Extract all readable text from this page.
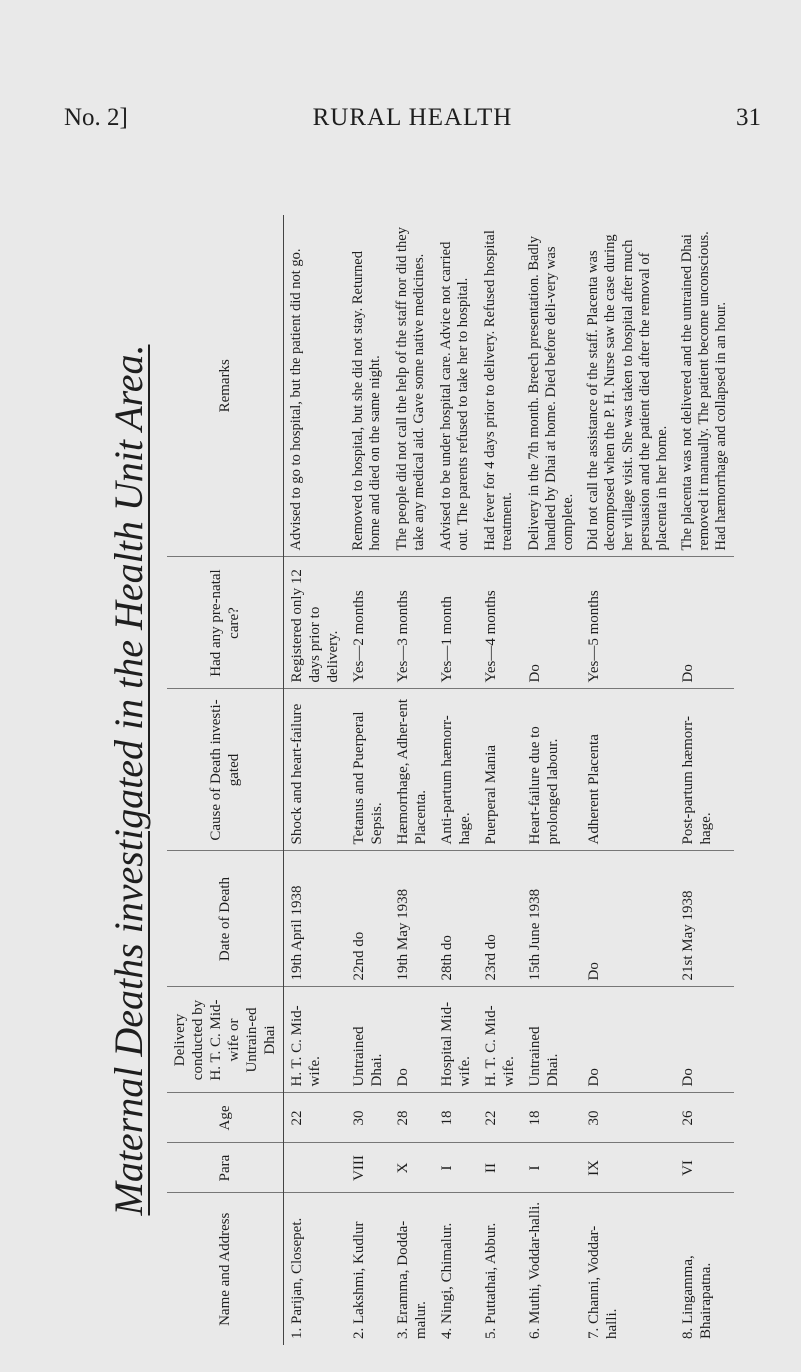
No. 2]	RURAL HEALTH	31
Maternal Deaths investigated in the Health Unit Area.
Name and Address	Para	Age	Delivery conducted by H. T. C. Mid-wife or Untrain-ed Dhai	Date of Death	Cause of Death investi-gated	Had any pre-natal care?	Remarks
1. Parijan, Closepet.		22	H. T. C. Mid-wife.	19th April 1938	Shock and heart-failure	Registered only 12 days prior to delivery.	Advised to go to hospital, but the patient did not go.
2. Lakshmi, Kudlur	VIII	30	Untrained Dhai.	22nd do	Tetanus and Puerperal Sepsis.	Yes—2 months	Removed to hospital, but she did not stay. Returned home and died on the same night.
3. Eramma, Dodda-malur.	X	28	Do	19th May 1938	Hæmorrhage, Adher-ent Placenta.	Yes—3 months	The people did not call the help of the staff nor did they take any medical aid. Gave some native medicines.
4. Ningi, Chimalur.	I	18	Hospital Mid-wife.	28th do	Anti-partum hæmorr-hage.	Yes—1 month	Advised to be under hospital care. Advice not carried out. The parents refused to take her to hospital.
5. Puttathai, Abbur.	II	22	H. T. C. Mid-wife.	23rd do	Puerperal Mania	Yes—4 months	Had fever for 4 days prior to delivery. Refused hospital treatment.
6. Muthi, Voddar-halli.	I	18	Untrained Dhai.	15th June 1938	Heart-failure due to prolonged labour.	Do	Delivery in the 7th month. Breech presentation. Badly handled by Dhai at home. Died before deli-very was complete.
7. Channi, Voddar-halli.	IX	30	Do	Do	Adherent Placenta	Yes—5 months	Did not call the assistance of the staff. Placenta was decomposed when the P. H. Nurse saw the case during her village visit. She was taken to hospital after much persuasion and the patient died after the removal of placenta in her home.
8. Lingamma, Bhairapatna.	VI	26	Do	21st May 1938	Post-partum hæmorr-hage.	Do	The placenta was not delivered and the untrained Dhai removed it manually. The patient become unconscious. Had hæmorrhage and collapsed in an hour.
